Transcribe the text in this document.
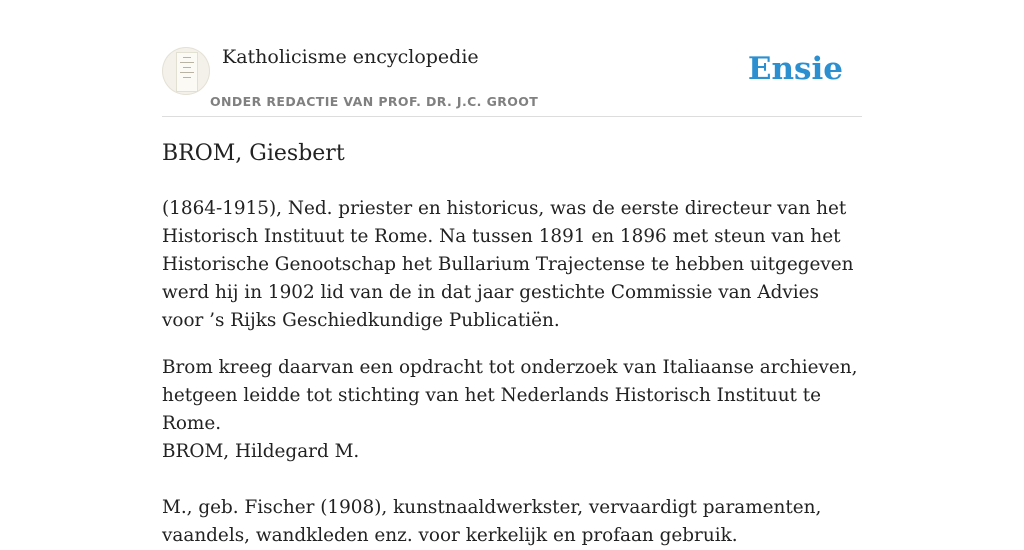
Katholicisme encyclopedie
ONDER REDACTIE VAN PROF. DR. J.C. GROOT
Ensie
BROM, Giesbert

(1864-1915), Ned. priester en historicus, was de eerste directeur van het Historisch Instituut te Rome. Na tussen 1891 en 1896 met steun van het Historische Genootschap het Bullarium Trajectense te hebben uitgegeven werd hij in 1902 lid van de in dat jaar gestichte Commissie van Advies voor ’s Rijks Geschiedkundige Publicatiën.

Brom kreeg daarvan een opdracht tot onderzoek van Italiaanse archieven, hetgeen leidde tot stichting van het Nederlands Historisch Instituut te Rome.
BROM, Hildegard M.

M., geb. Fischer (1908), kunstnaaldwerkster, vervaardigt paramenten, vaandels, wandkleden enz. voor kerkelijk en profaan gebruik.
